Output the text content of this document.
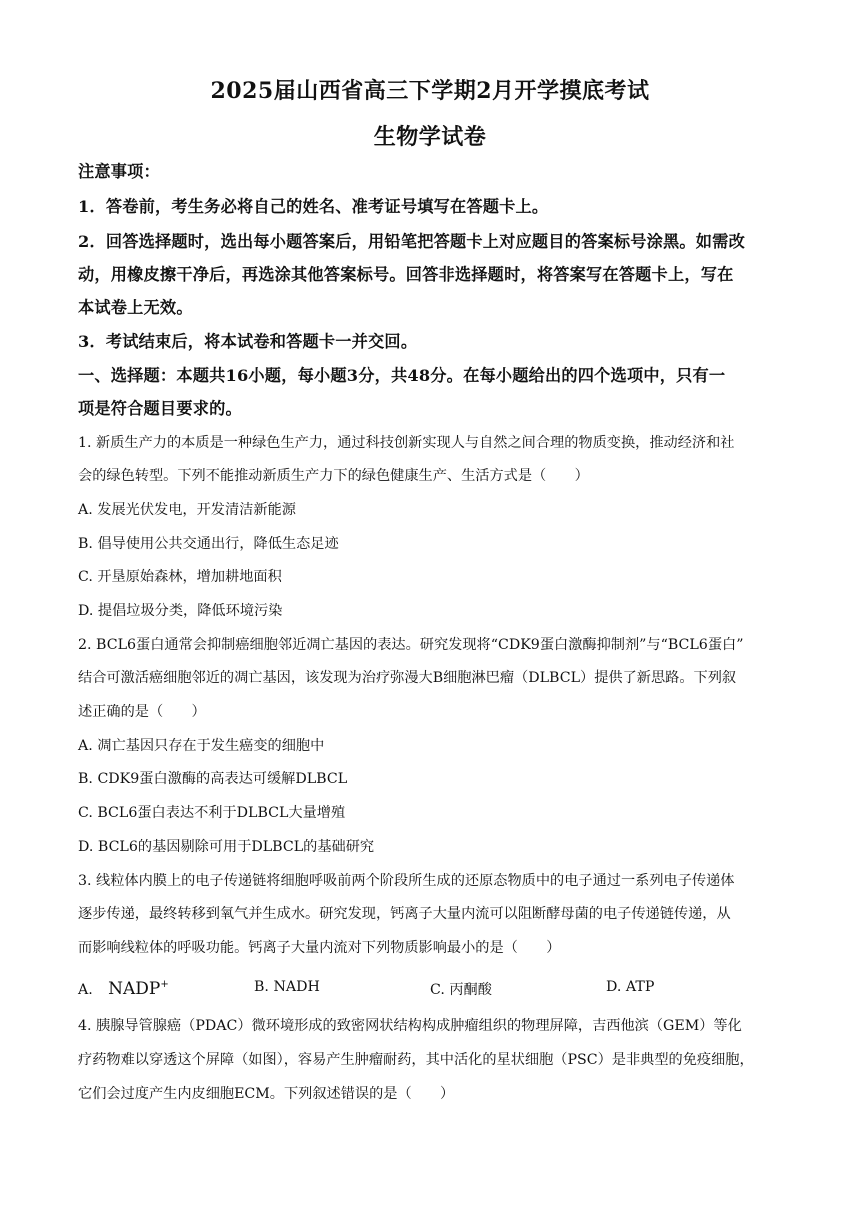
2025届山西省高三下学期2月开学摸底考试
生物学试卷
注意事项：
1．答卷前，考生务必将自己的姓名、准考证号填写在答题卡上。
2．回答选择题时，选出每小题答案后，用铅笔把答题卡上对应题目的答案标号涂黑。如需改
动，用橡皮擦干净后，再选涂其他答案标号。回答非选择题时，将答案写在答题卡上，写在
本试卷上无效。
3．考试结束后，将本试卷和答题卡一并交回。
一、选择题：本题共16小题，每小题3分，共48分。在每小题给出的四个选项中，只有一
项是符合题目要求的。
1. 新质生产力的本质是一种绿色生产力，通过科技创新实现人与自然之间合理的物质变换，推动经济和社
会的绿色转型。下列不能推动新质生产力下的绿色健康生产、生活方式是（　　）
A. 发展光伏发电，开发清洁新能源
B. 倡导使用公共交通出行，降低生态足迹
C. 开垦原始森林，增加耕地面积
D. 提倡垃圾分类，降低环境污染
2. BCL6蛋白通常会抑制癌细胞邻近凋亡基因的表达。研究发现将“CDK9蛋白激酶抑制剂”与“BCL6蛋白”
结合可激活癌细胞邻近的凋亡基因，该发现为治疗弥漫大B细胞淋巴瘤（DLBCL）提供了新思路。下列叙
述正确的是（　　）
A. 凋亡基因只存在于发生癌变的细胞中
B. CDK9蛋白激酶的高表达可缓解DLBCL
C. BCL6蛋白表达不利于DLBCL大量增殖
D. BCL6的基因剔除可用于DLBCL的基础研究
3. 线粒体内膜上的电子传递链将细胞呼吸前两个阶段所生成的还原态物质中的电子通过一系列电子传递体
逐步传递，最终转移到氧气并生成水。研究发现，钙离子大量内流可以阻断酵母菌的电子传递链传递，从
而影响线粒体的呼吸功能。钙离子大量内流对下列物质影响最小的是（　　）
A. NADP+	B. NADH	C. 丙酮酸	D. ATP
4. 胰腺导管腺癌（PDAC）微环境形成的致密网状结构构成肿瘤组织的物理屏障，吉西他滨（GEM）等化
疗药物难以穿透这个屏障（如图），容易产生肿瘤耐药，其中活化的星状细胞（PSC）是非典型的免疫细胞，
它们会过度产生内皮细胞ECM。下列叙述错误的是（　　）
